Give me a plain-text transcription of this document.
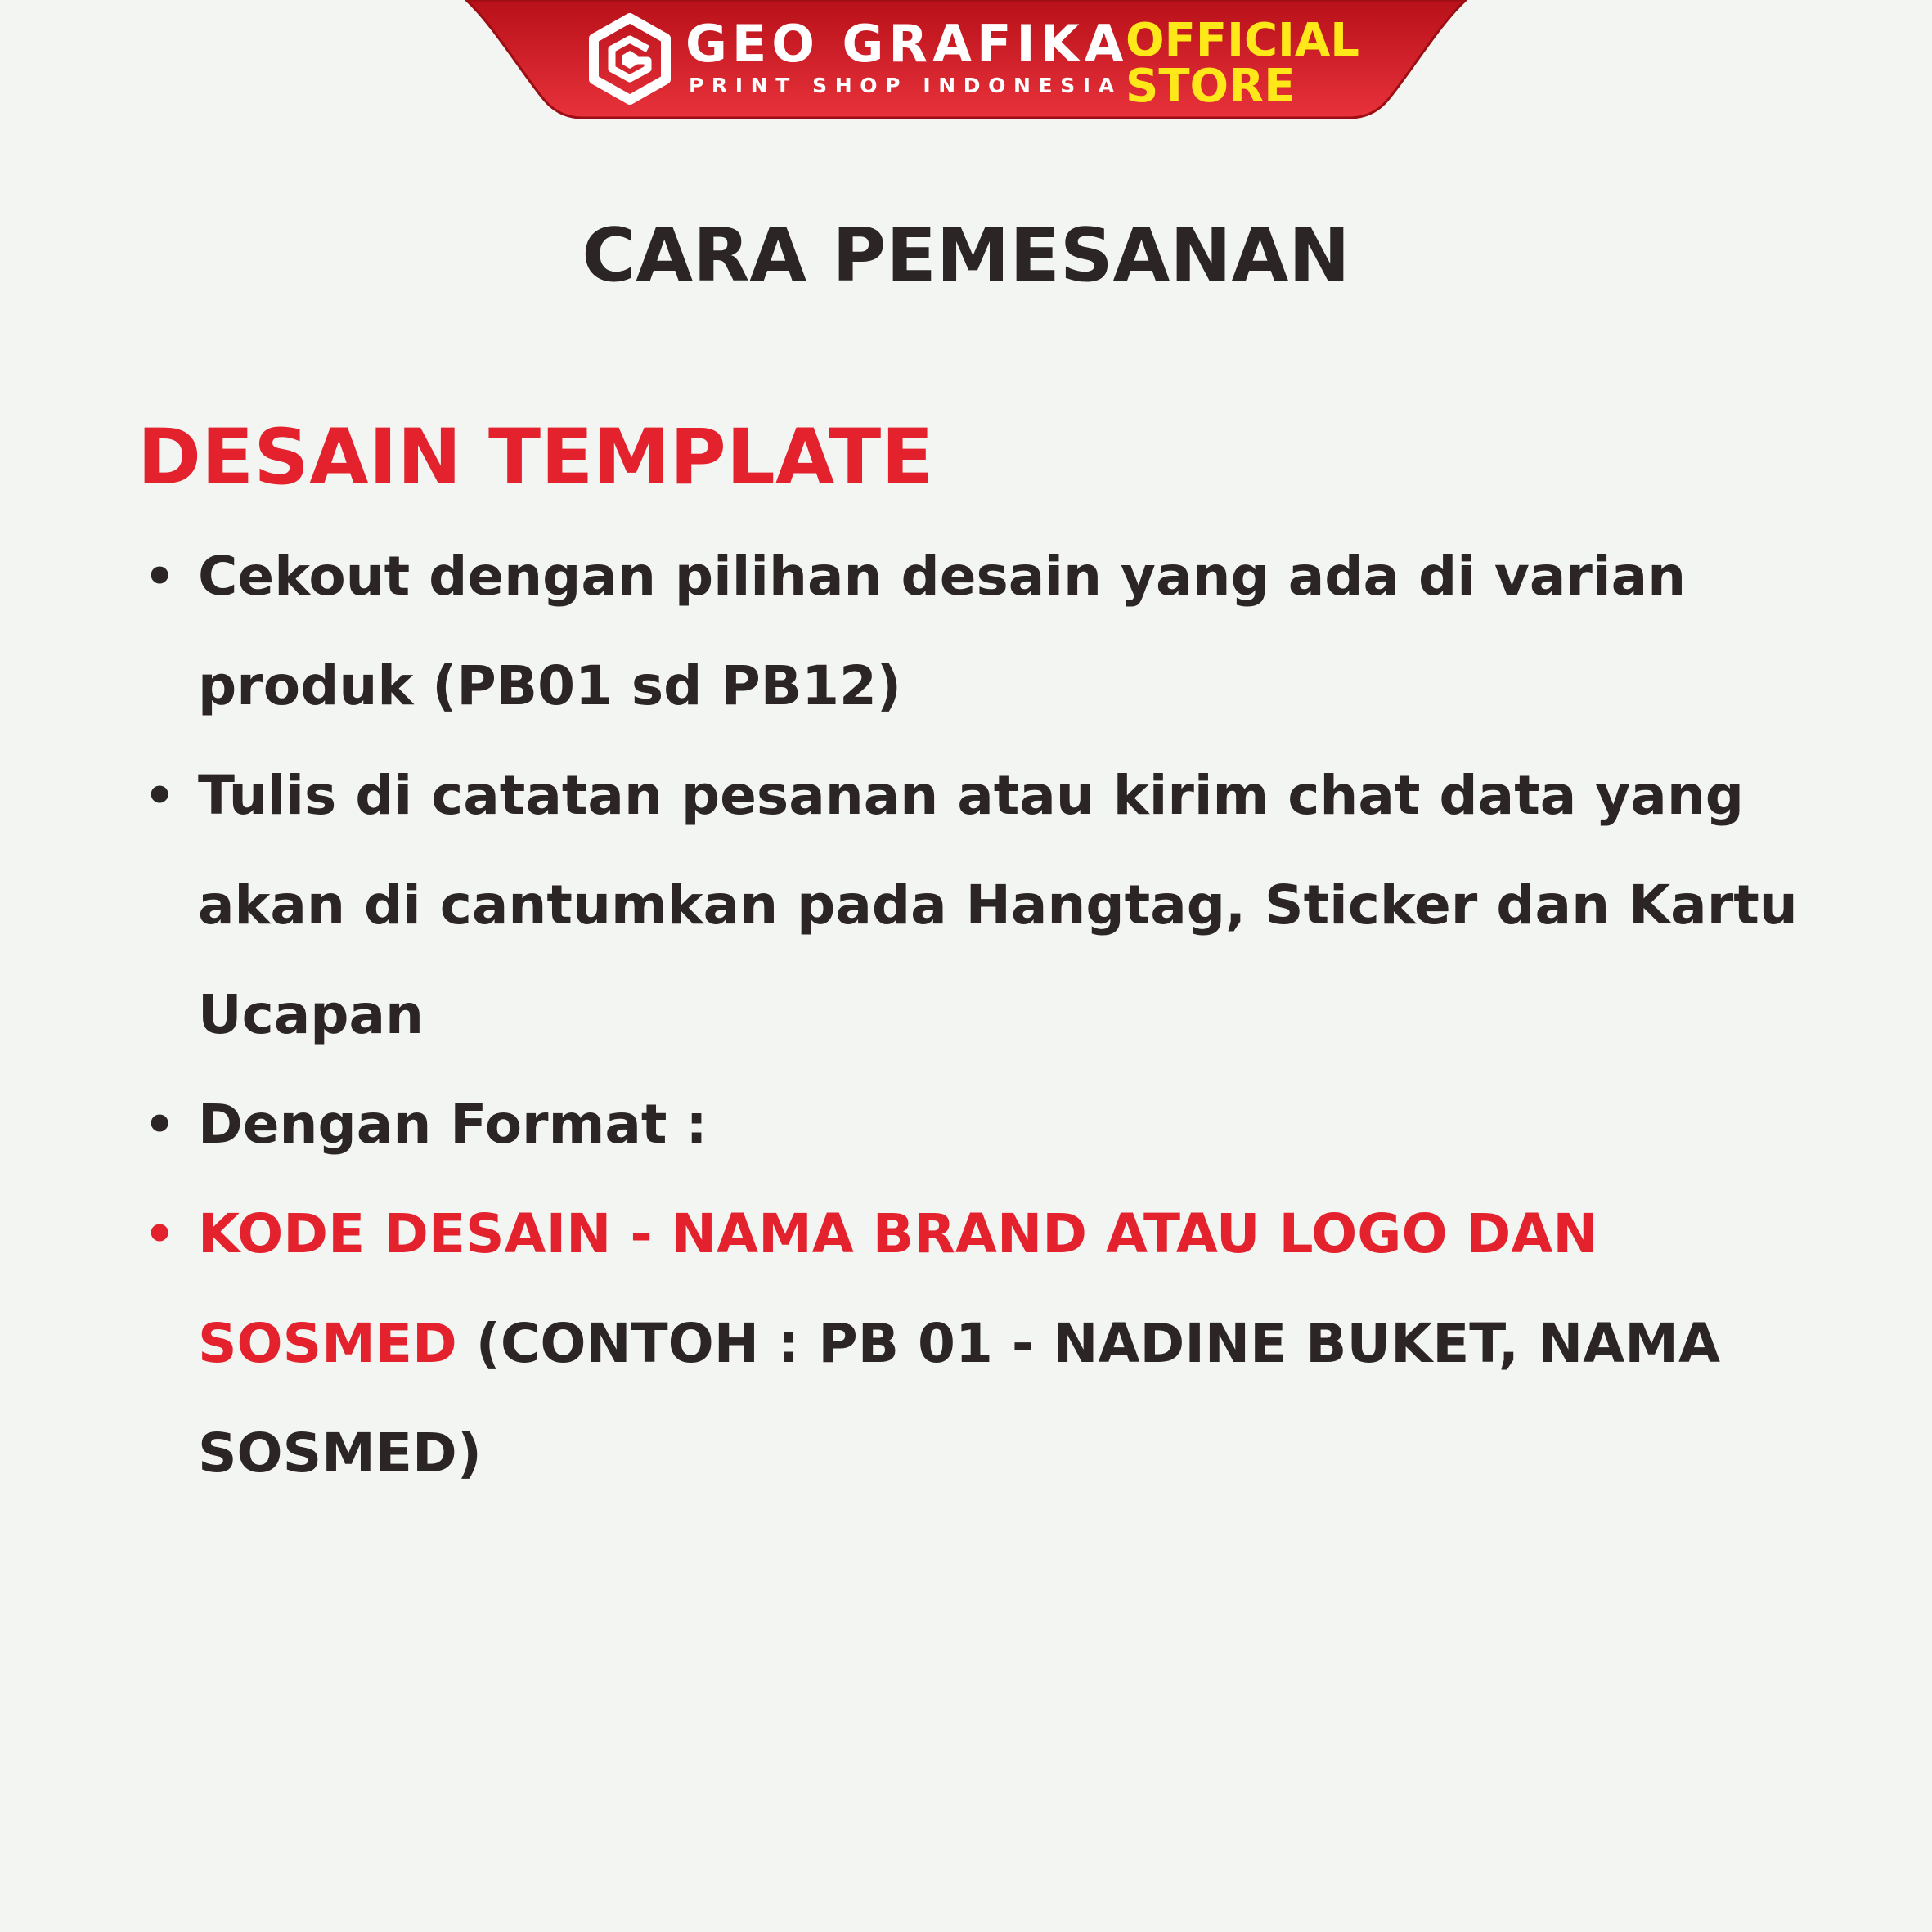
GEO GRAFIKA
PRINT SHOP INDONESIA
OFFICIAL
STORE
CARA PEMESANAN
DESAIN TEMPLATE
• Cekout dengan pilihan desain yang ada di varian produk (PB01 sd PB12)
• Tulis di catatan pesanan atau kirim chat data yang akan di cantumkan pada Hangtag, Sticker dan Kartu Ucapan
• Dengan Format :
• KODE DESAIN - NAMA BRAND ATAU LOGO DAN SOSMED (CONTOH : PB 01 - NADINE BUKET, NAMA SOSMED)
